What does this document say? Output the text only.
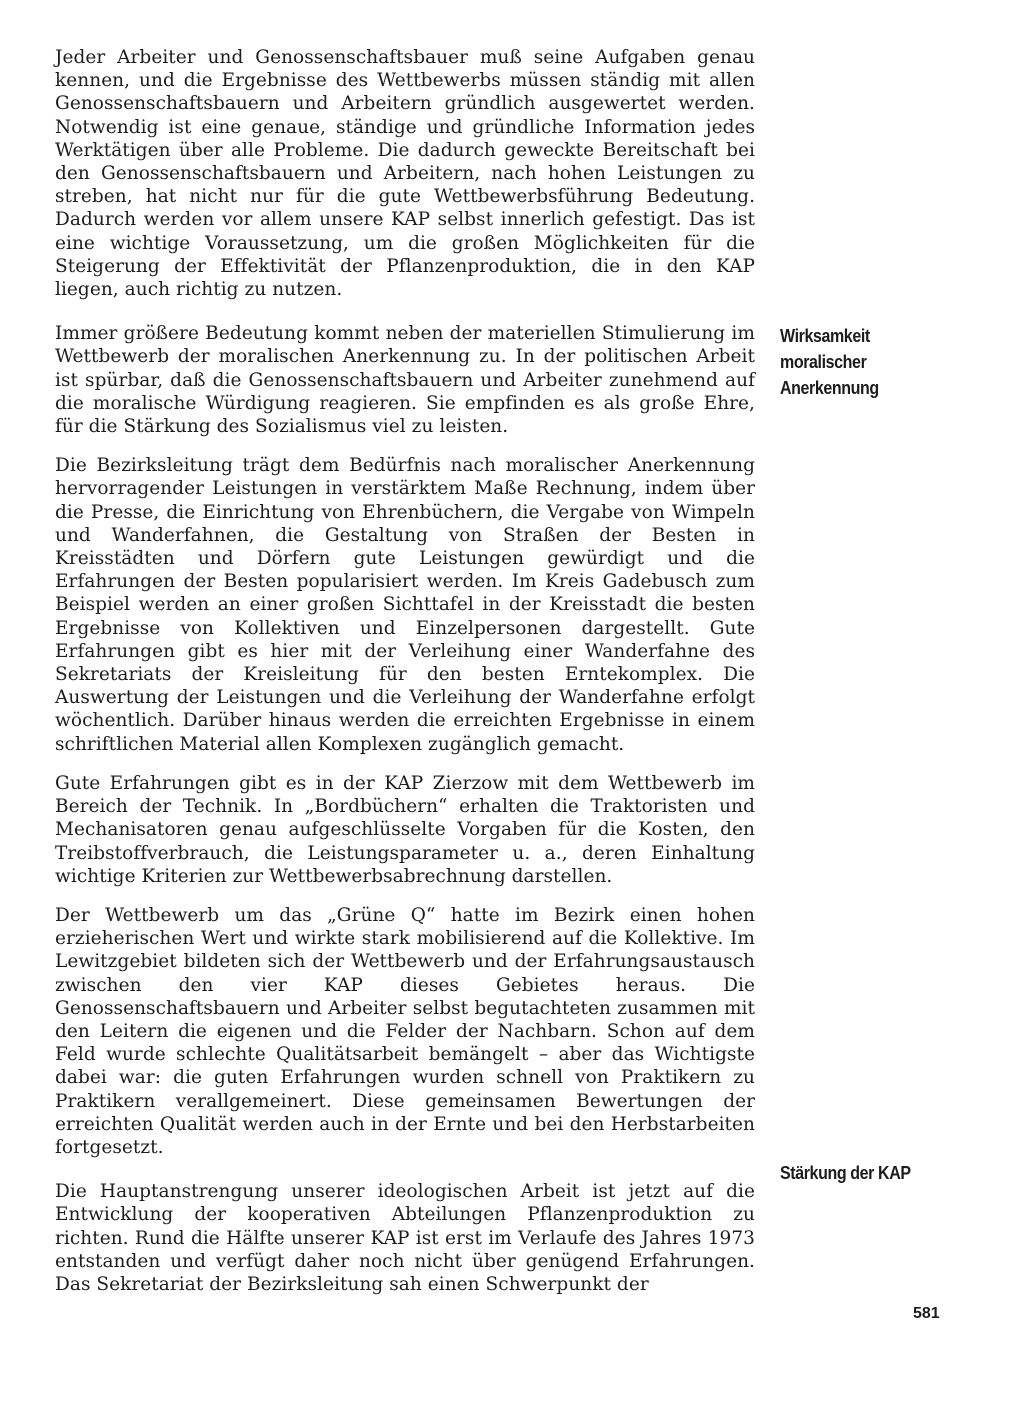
Jeder Arbeiter und Genossenschaftsbauer muß seine Aufgaben genau kennen, und die Ergebnisse des Wettbewerbs müssen ständig mit allen Genossenschaftsbauern und Arbeitern gründlich ausgewertet werden. Notwendig ist eine genaue, ständige und gründliche Information jedes Werktätigen über alle Probleme. Die dadurch geweckte Bereitschaft bei den Genossenschaftsbauern und Arbeitern, nach hohen Leistungen zu streben, hat nicht nur für die gute Wettbewerbsführung Bedeutung. Dadurch werden vor allem unsere KAP selbst innerlich gefestigt. Das ist eine wichtige Voraussetzung, um die großen Möglichkeiten für die Steigerung der Effektivität der Pflanzenproduktion, die in den KAP liegen, auch richtig zu nutzen.

Immer größere Bedeutung kommt neben der materiellen Stimulierung im Wettbewerb der moralischen Anerkennung zu. In der politischen Arbeit ist spürbar, daß die Genossenschaftsbauern und Arbeiter zunehmend auf die moralische Würdigung reagieren. Sie empfinden es als große Ehre, für die Stärkung des Sozialismus viel zu leisten.

Die Bezirksleitung trägt dem Bedürfnis nach moralischer Anerkennung hervorragender Leistungen in verstärktem Maße Rechnung, indem über die Presse, die Einrichtung von Ehrenbüchern, die Vergabe von Wimpeln und Wanderfahnen, die Gestaltung von Straßen der Besten in Kreisstädten und Dörfern gute Leistungen gewürdigt und die Erfahrungen der Besten popularisiert werden. Im Kreis Gadebusch zum Beispiel werden an einer großen Sichttafel in der Kreisstadt die besten Ergebnisse von Kollektiven und Einzelpersonen dargestellt. Gute Erfahrungen gibt es hier mit der Verleihung einer Wanderfahne des Sekretariats der Kreisleitung für den besten Erntekomplex. Die Auswertung der Leistungen und die Verleihung der Wanderfahne erfolgt wöchentlich. Darüber hinaus werden die erreichten Ergebnisse in einem schriftlichen Material allen Komplexen zugänglich gemacht.

Gute Erfahrungen gibt es in der KAP Zierzow mit dem Wettbewerb im Bereich der Technik. In „Bordbüchern“ erhalten die Traktoristen und Mechanisatoren genau aufgeschlüsselte Vorgaben für die Kosten, den Treibstoffverbrauch, die Leistungsparameter u. a., deren Einhaltung wichtige Kriterien zur Wettbewerbsabrechnung darstellen.

Der Wettbewerb um das „Grüne Q“ hatte im Bezirk einen hohen erzieherischen Wert und wirkte stark mobilisierend auf die Kollektive. Im Lewitzgebiet bildeten sich der Wettbewerb und der Erfahrungsaustausch zwischen den vier KAP dieses Gebietes heraus. Die Genossenschaftsbauern und Arbeiter selbst begutachteten zusammen mit den Leitern die eigenen und die Felder der Nachbarn. Schon auf dem Feld wurde schlechte Qualitätsarbeit bemängelt – aber das Wichtigste dabei war: die guten Erfahrungen wurden schnell von Praktikern zu Praktikern verallgemeinert. Diese gemeinsamen Bewertungen der erreichten Qualität werden auch in der Ernte und bei den Herbstarbeiten fortgesetzt.

Die Hauptanstrengung unserer ideologischen Arbeit ist jetzt auf die Entwicklung der kooperativen Abteilungen Pflanzenproduktion zu richten. Rund die Hälfte unserer KAP ist erst im Verlaufe des Jahres 1973 entstanden und verfügt daher noch nicht über genügend Erfahrungen. Das Sekretariat der Bezirksleitung sah einen Schwerpunkt der

Wirksamkeit
moralischer
Anerkennung
Stärkung der KAP
581
